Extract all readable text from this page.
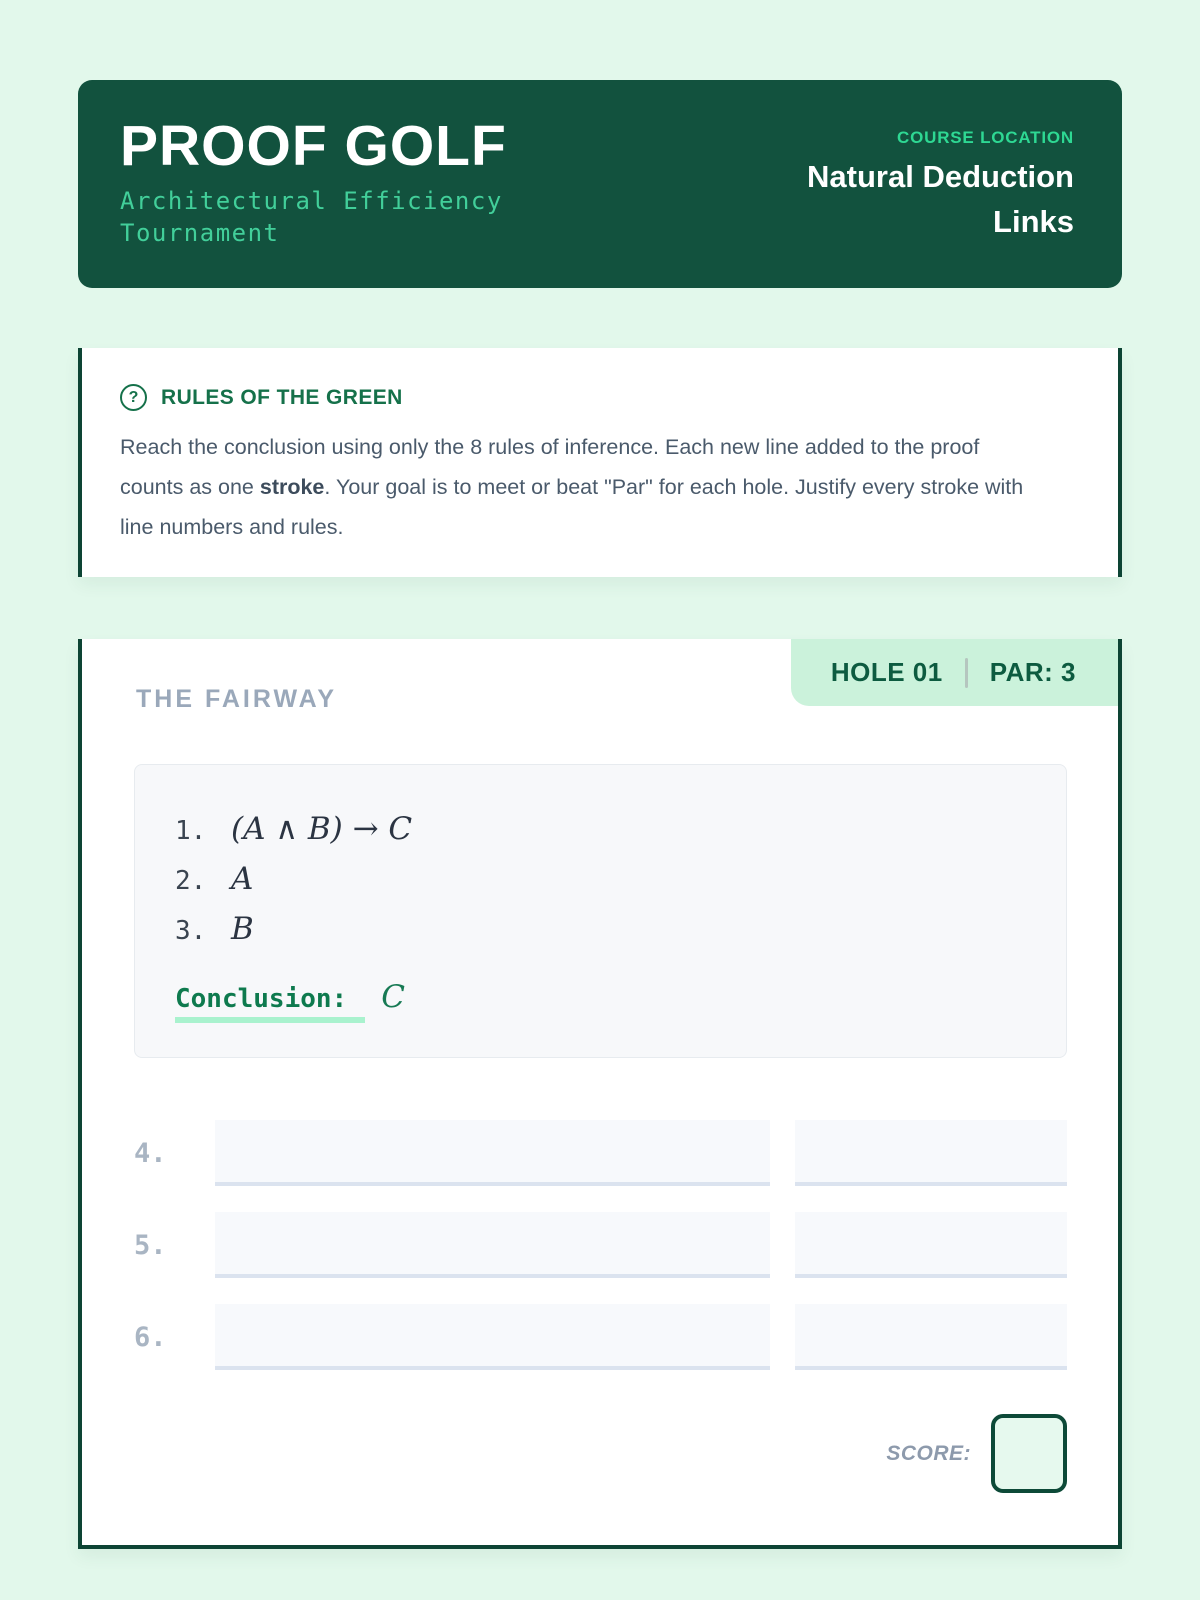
PROOF GOLF
Architectural Efficiency Tournament
COURSE LOCATION
Natural Deduction Links
?	RULES OF THE GREEN

Reach the conclusion using only the 8 rules of inference. Each new line added to the proof counts as one stroke. Your goal is to meet or beat "Par" for each hole. Justify every stroke with line numbers and rules.

HOLE 01 PAR: 3
THE FAIRWAY
1. (A ∧ B) → C
2. A
3. B
Conclusion:	C
4.
5.
6.
SCORE:
